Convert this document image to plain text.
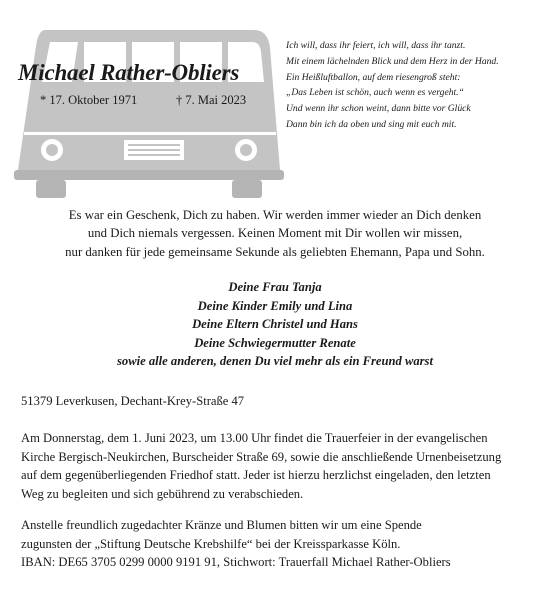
Michael Rather-Obliers
* 17. Oktober 1971	† 7. Mai 2023
Ich will, dass ihr feiert, ich will, dass ihr tanzt.
Mit einem lächelnden Blick und dem Herz in der Hand.
Ein Heißluftballon, auf dem riesengroß steht:
„Das Leben ist schön, auch wenn es vergeht.“
Und wenn ihr schon weint, dann bitte vor Glück
Dann bin ich da oben und sing mit euch mit.
Es war ein Geschenk, Dich zu haben. Wir werden immer wieder an Dich denken
und Dich niemals vergessen. Keinen Moment mit Dir wollen wir missen,
nur danken für jede gemeinsame Sekunde als geliebten Ehemann, Papa und Sohn.
Deine Frau Tanja
Deine Kinder Emily und Lina
Deine Eltern Christel und Hans
Deine Schwiegermutter Renate
sowie alle anderen, denen Du viel mehr als ein Freund warst
51379 Leverkusen, Dechant-Krey-Straße 47
Am Donnerstag, dem 1. Juni 2023, um 13.00 Uhr findet die Trauerfeier in der evangelischen
Kirche Bergisch-Neukirchen, Burscheider Straße 69, sowie die anschließende Urnenbeisetzung
auf dem gegenüberliegenden Friedhof statt. Jeder ist hierzu herzlichst eingeladen, den letzten
Weg zu begleiten und sich gebührend zu verabschieden.
Anstelle freundlich zugedachter Kränze und Blumen bitten wir um eine Spende
zugunsten der „Stiftung Deutsche Krebshilfe“ bei der Kreissparkasse Köln.
IBAN: DE65 3705 0299 0000 9191 91, Stichwort: Trauerfall Michael Rather-Obliers
